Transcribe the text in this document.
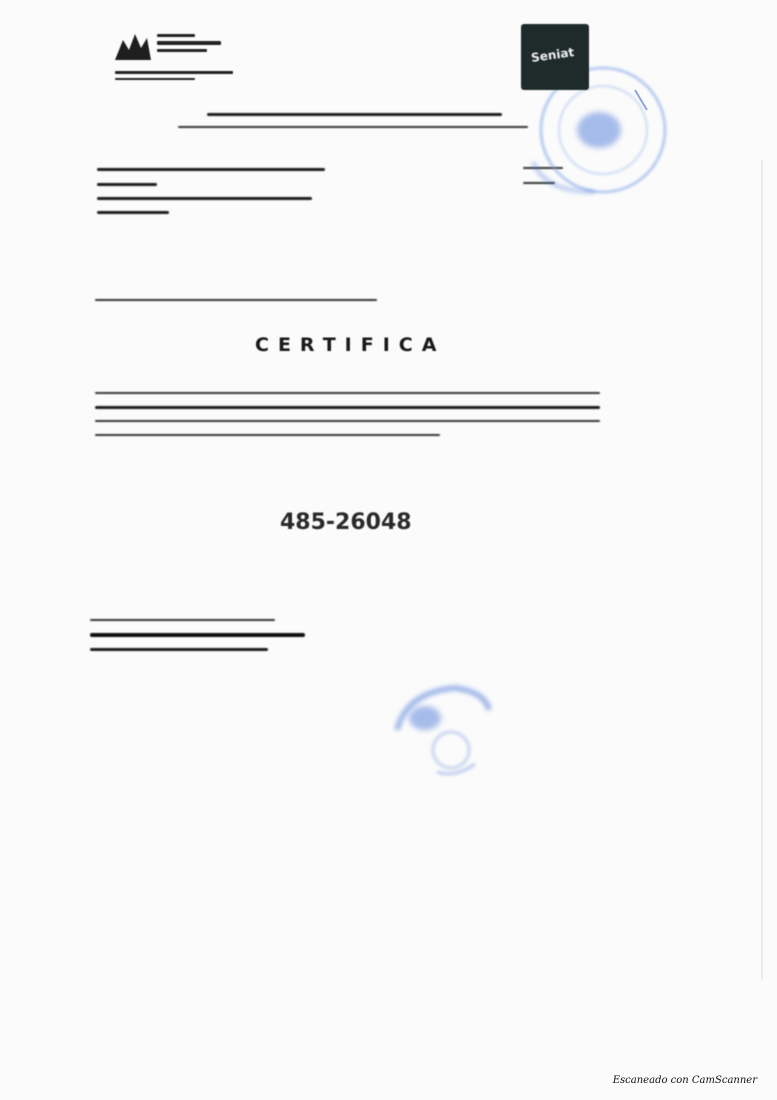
CERTIFICA
485-26048
Seniat
Escaneado con CamScanner
